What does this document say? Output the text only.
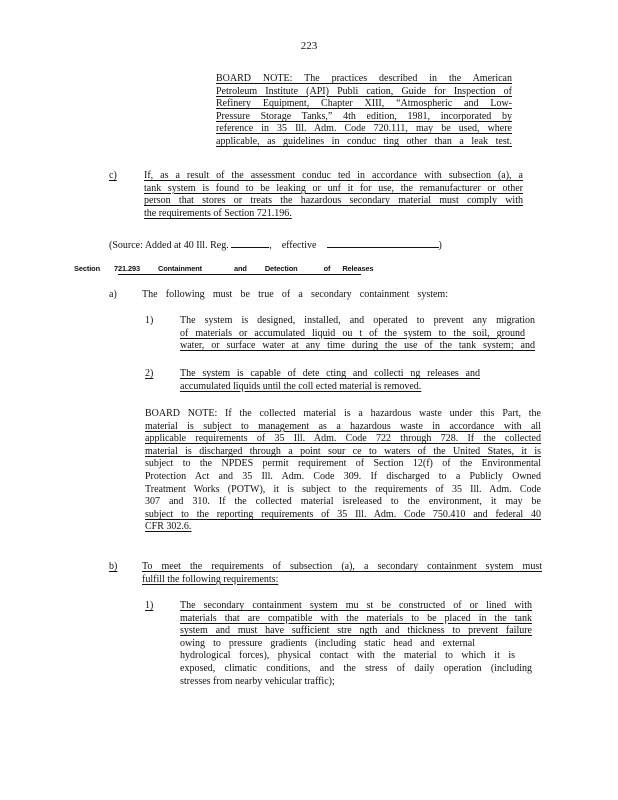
223
BOARD NOTE: The practices described in the American
Petroleum Institute (API) Publi cation, Guide for Inspection of
Refinery Equipment, Chapter XIII, “Atmospheric and Low-
Pressure Storage Tanks,” 4th edition, 1981, incorporated by
reference in 35 Ill. Adm. Code 720.111, may be used, where
applicable, as guidelines in conduc ting other than a leak test.
c)	If, as a result of the assessment conduc ted in accordance with subsection (a), a
tank system is found to be leaking or unf it for use, the remanufacturer or other
person that stores or treats the hazardous secondary material must comply with
the requirements of Section 721.196.
(Source: Added at 40 Ill. Reg.	, effective	)
Section 721.293 Containment	and Detection	of Releases
a)	The following must be true of a secondary containment system:
1)	The system is designed, installed, and operated to prevent any migration
of materials or accumulated liquid ou t of the system to the soil, ground
water, or surface water at any time during the use of the tank system; and
2)	The system is capable of dete cting and collecti ng releases and
accumulated liquids until the coll ected material is removed.
BOARD NOTE: If the collected material is a hazardous waste under this Part, the
material is subject to management as a hazardous waste in accordance with all
applicable requirements of 35 Ill. Adm. Code 722 through 728. If the collected
material is discharged through a point sour ce to waters of the United States, it is
subject to the NPDES permit requirement of Section 12(f) of the Environmental
Protection Act and 35 Ill. Adm. Code 309. If discharged to a Publicly Owned
Treatment Works (POTW), it is subject to the requirements of 35 Ill. Adm. Code
307 and 310. If the collected material isreleased to the environment, it may be
subject to the reporting requirements of 35 Ill. Adm. Code 750.410 and federal 40
CFR 302.6.
b) To meet the requirements of subsection (a), a secondary containment system must
fulfill the following requirements:
1)	The secondary containment system mu st be constructed of or lined with
materials that are compatible with the materials to be placed in the tank
system and must have sufficient stre ngth and thickness to prevent failure
owing to pressure gradients (including static head and external
hydrological forces), physical contact with the material to which it is
exposed, climatic conditions, and the stress of daily operation (including
stresses from nearby vehicular traffic);
